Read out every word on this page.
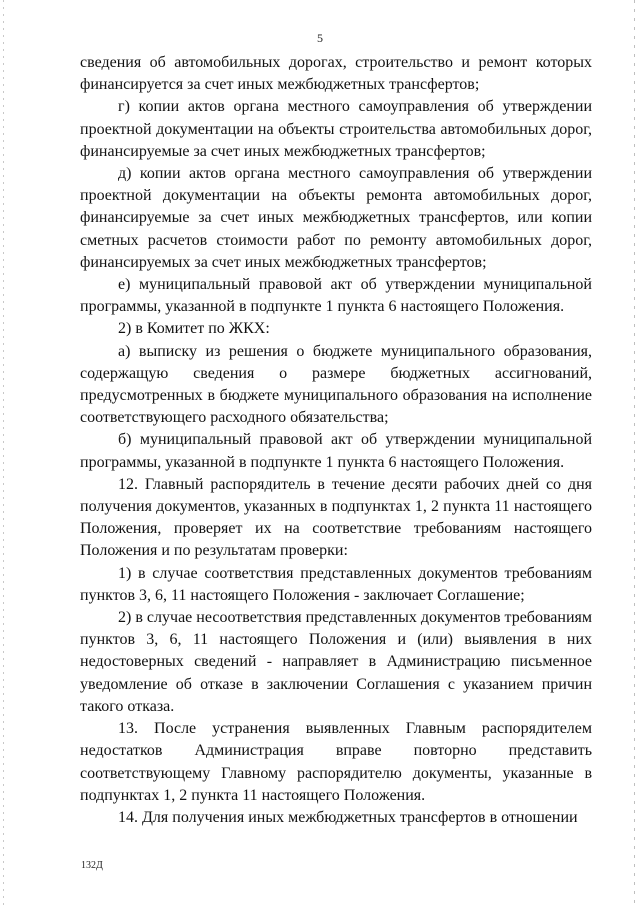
5

сведения об автомобильных дорогах, строительство и ремонт которых финансируется за счет иных межбюджетных трансфертов;

г) копии актов органа местного самоуправления об утверждении проектной документации на объекты строительства автомобильных дорог, финансируемые за счет иных межбюджетных трансфертов;

д) копии актов органа местного самоуправления об утверждении проектной документации на объекты ремонта автомобильных дорог, финансируемые за счет иных межбюджетных трансфертов, или копии сметных расчетов стоимости работ по ремонту автомобильных дорог, финансируемых за счет иных межбюджетных трансфертов;

е) муниципальный правовой акт об утверждении муниципальной программы, указанной в подпункте 1 пункта 6 настоящего Положения.

2) в Комитет по ЖКХ:

а) выписку из решения о бюджете муниципального образования, содержащую сведения о размере бюджетных ассигнований, предусмотренных в бюджете муниципального образования на исполнение соответствующего расходного обязательства;

б) муниципальный правовой акт об утверждении муниципальной программы, указанной в подпункте 1 пункта 6 настоящего Положения.

12. Главный распорядитель в течение десяти рабочих дней со дня получения документов, указанных в подпунктах 1, 2 пункта 11 настоящего Положения, проверяет их на соответствие требованиям настоящего Положения и по результатам проверки:

1) в случае соответствия представленных документов требованиям пунктов 3, 6, 11 настоящего Положения - заключает Соглашение;

2) в случае несоответствия представленных документов требованиям пунктов 3, 6, 11 настоящего Положения и (или) выявления в них недостоверных сведений - направляет в Администрацию письменное уведомление об отказе в заключении Соглашения с указанием причин такого отказа.

13. После устранения выявленных Главным распорядителем недостатков Администрация вправе повторно представить соответствующему Главному распорядителю документы, указанные в подпунктах 1, 2 пункта 11 настоящего Положения.

14. Для получения иных межбюджетных трансфертов в отношении

132Д
